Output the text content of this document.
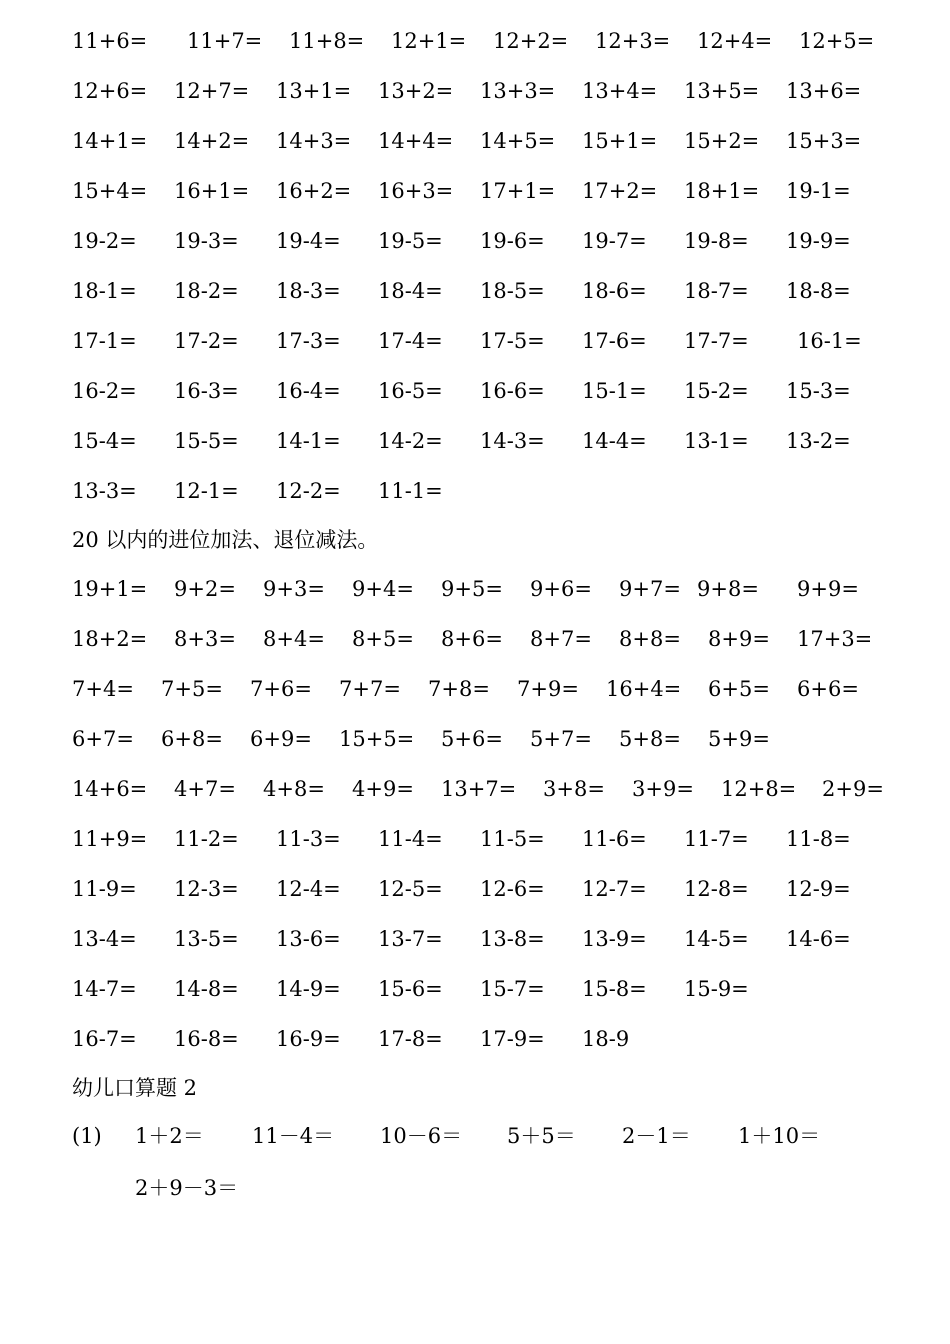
11+6= 11+7= 11+8= 12+1= 12+2= 12+3= 12+4= 12+5=
12+6= 12+7= 13+1= 13+2= 13+3= 13+4= 13+5= 13+6=
14+1= 14+2= 14+3= 14+4= 14+5= 15+1= 15+2= 15+3=
15+4= 16+1= 16+2= 16+3= 17+1= 17+2= 18+1= 19-1=
19-2= 19-3= 19-4= 19-5= 19-6= 19-7= 19-8= 19-9=
18-1= 18-2= 18-3= 18-4= 18-5= 18-6= 18-7= 18-8=
17-1= 17-2= 17-3= 17-4= 17-5= 17-6= 17-7= 16-1=
16-2= 16-3= 16-4= 16-5= 16-6= 15-1= 15-2= 15-3=
15-4= 15-5= 14-1= 14-2= 14-3= 14-4= 13-1= 13-2=
13-3= 12-1= 12-2= 11-1=
20 以内的进位加法、退位减法。
19+1= 9+2= 9+3= 9+4= 9+5= 9+6= 9+7= 9+8= 9+9=
18+2= 8+3= 8+4= 8+5= 8+6= 8+7= 8+8= 8+9= 17+3=
7+4= 7+5= 7+6= 7+7= 7+8= 7+9= 16+4= 6+5= 6+6=
6+7= 6+8= 6+9= 15+5= 5+6= 5+7= 5+8= 5+9=
14+6= 4+7= 4+8= 4+9= 13+7= 3+8= 3+9= 12+8= 2+9=
11+9= 11-2= 11-3= 11-4= 11-5= 11-6= 11-7= 11-8=
11-9= 12-3= 12-4= 12-5= 12-6= 12-7= 12-8= 12-9=
13-4= 13-5= 13-6= 13-7= 13-8= 13-9= 14-5= 14-6=
14-7= 14-8= 14-9= 15-6= 15-7= 15-8= 15-9=
16-7= 16-8= 16-9= 17-8= 17-9= 18-9
幼儿口算题 2
(1) 1＋2＝ 11－4＝ 10－6＝ 5＋5＝ 2－1＝ 1＋10＝
2＋9－3＝
